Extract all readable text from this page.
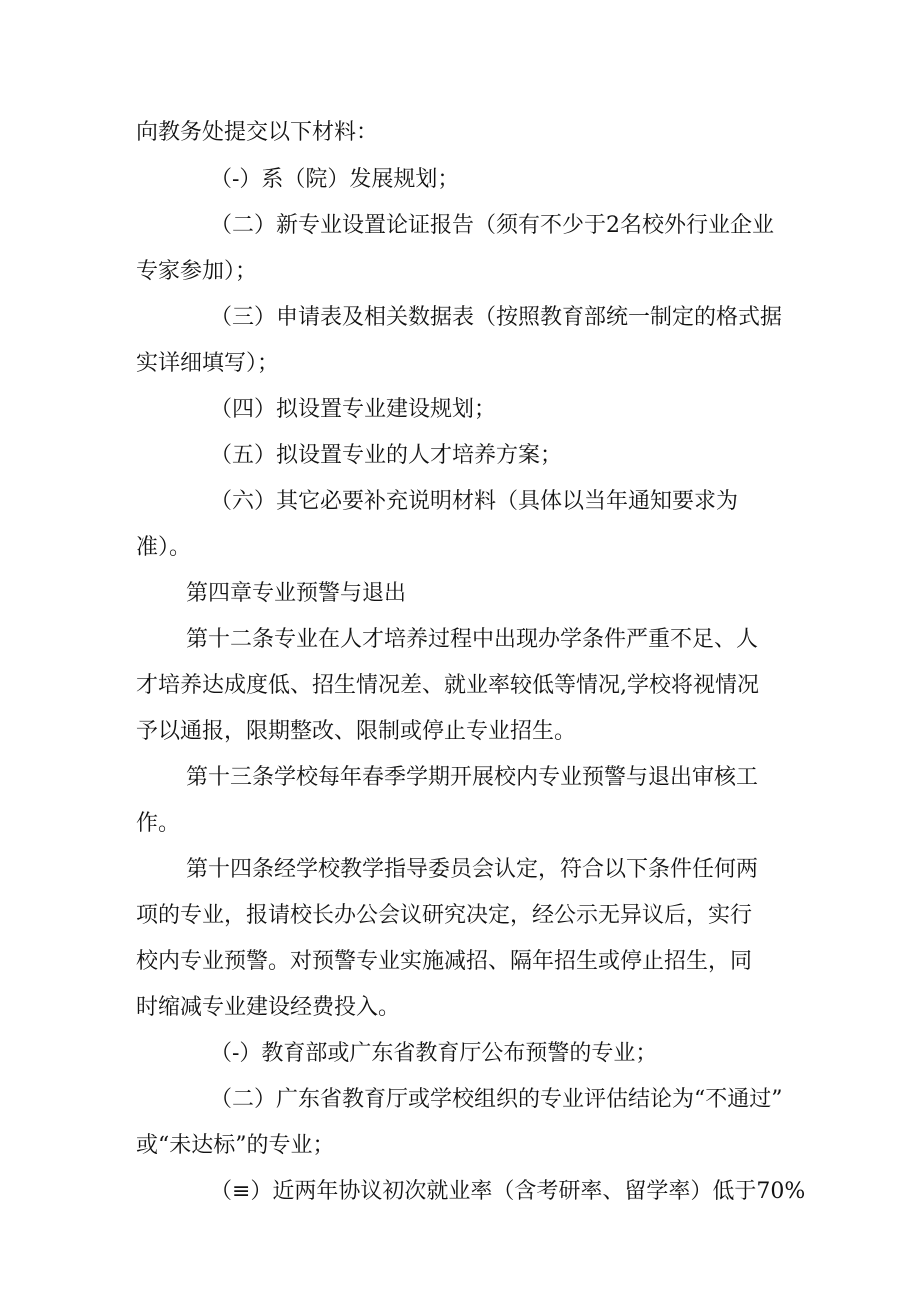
向教务处提交以下材料：

（-）系（院）发展规划；

（二）新专业设置论证报告（须有不少于2名校外行业企业

专家参加）；

（三）申请表及相关数据表（按照教育部统一制定的格式据

实详细填写）；

（四）拟设置专业建设规划；

（五）拟设置专业的人才培养方案；

（六）其它必要补充说明材料（具体以当年通知要求为

准）。

第四章专业预警与退出

第十二条专业在人才培养过程中出现办学条件严重不足、人

才培养达成度低、招生情况差、就业率较低等情况,学校将视情况

予以通报，限期整改、限制或停止专业招生。

第十三条学校每年春季学期开展校内专业预警与退出审核工

作。

第十四条经学校教学指导委员会认定，符合以下条件任何两

项的专业，报请校长办公会议研究决定，经公示无异议后，实行

校内专业预警。对预警专业实施减招、隔年招生或停止招生，同

时缩减专业建设经费投入。

（-）教育部或广东省教育厅公布预警的专业；

（二）广东省教育厅或学校组织的专业评估结论为“不通过”

或“未达标”的专业；

（≡）近两年协议初次就业率（含考研率、留学率）低于70%
